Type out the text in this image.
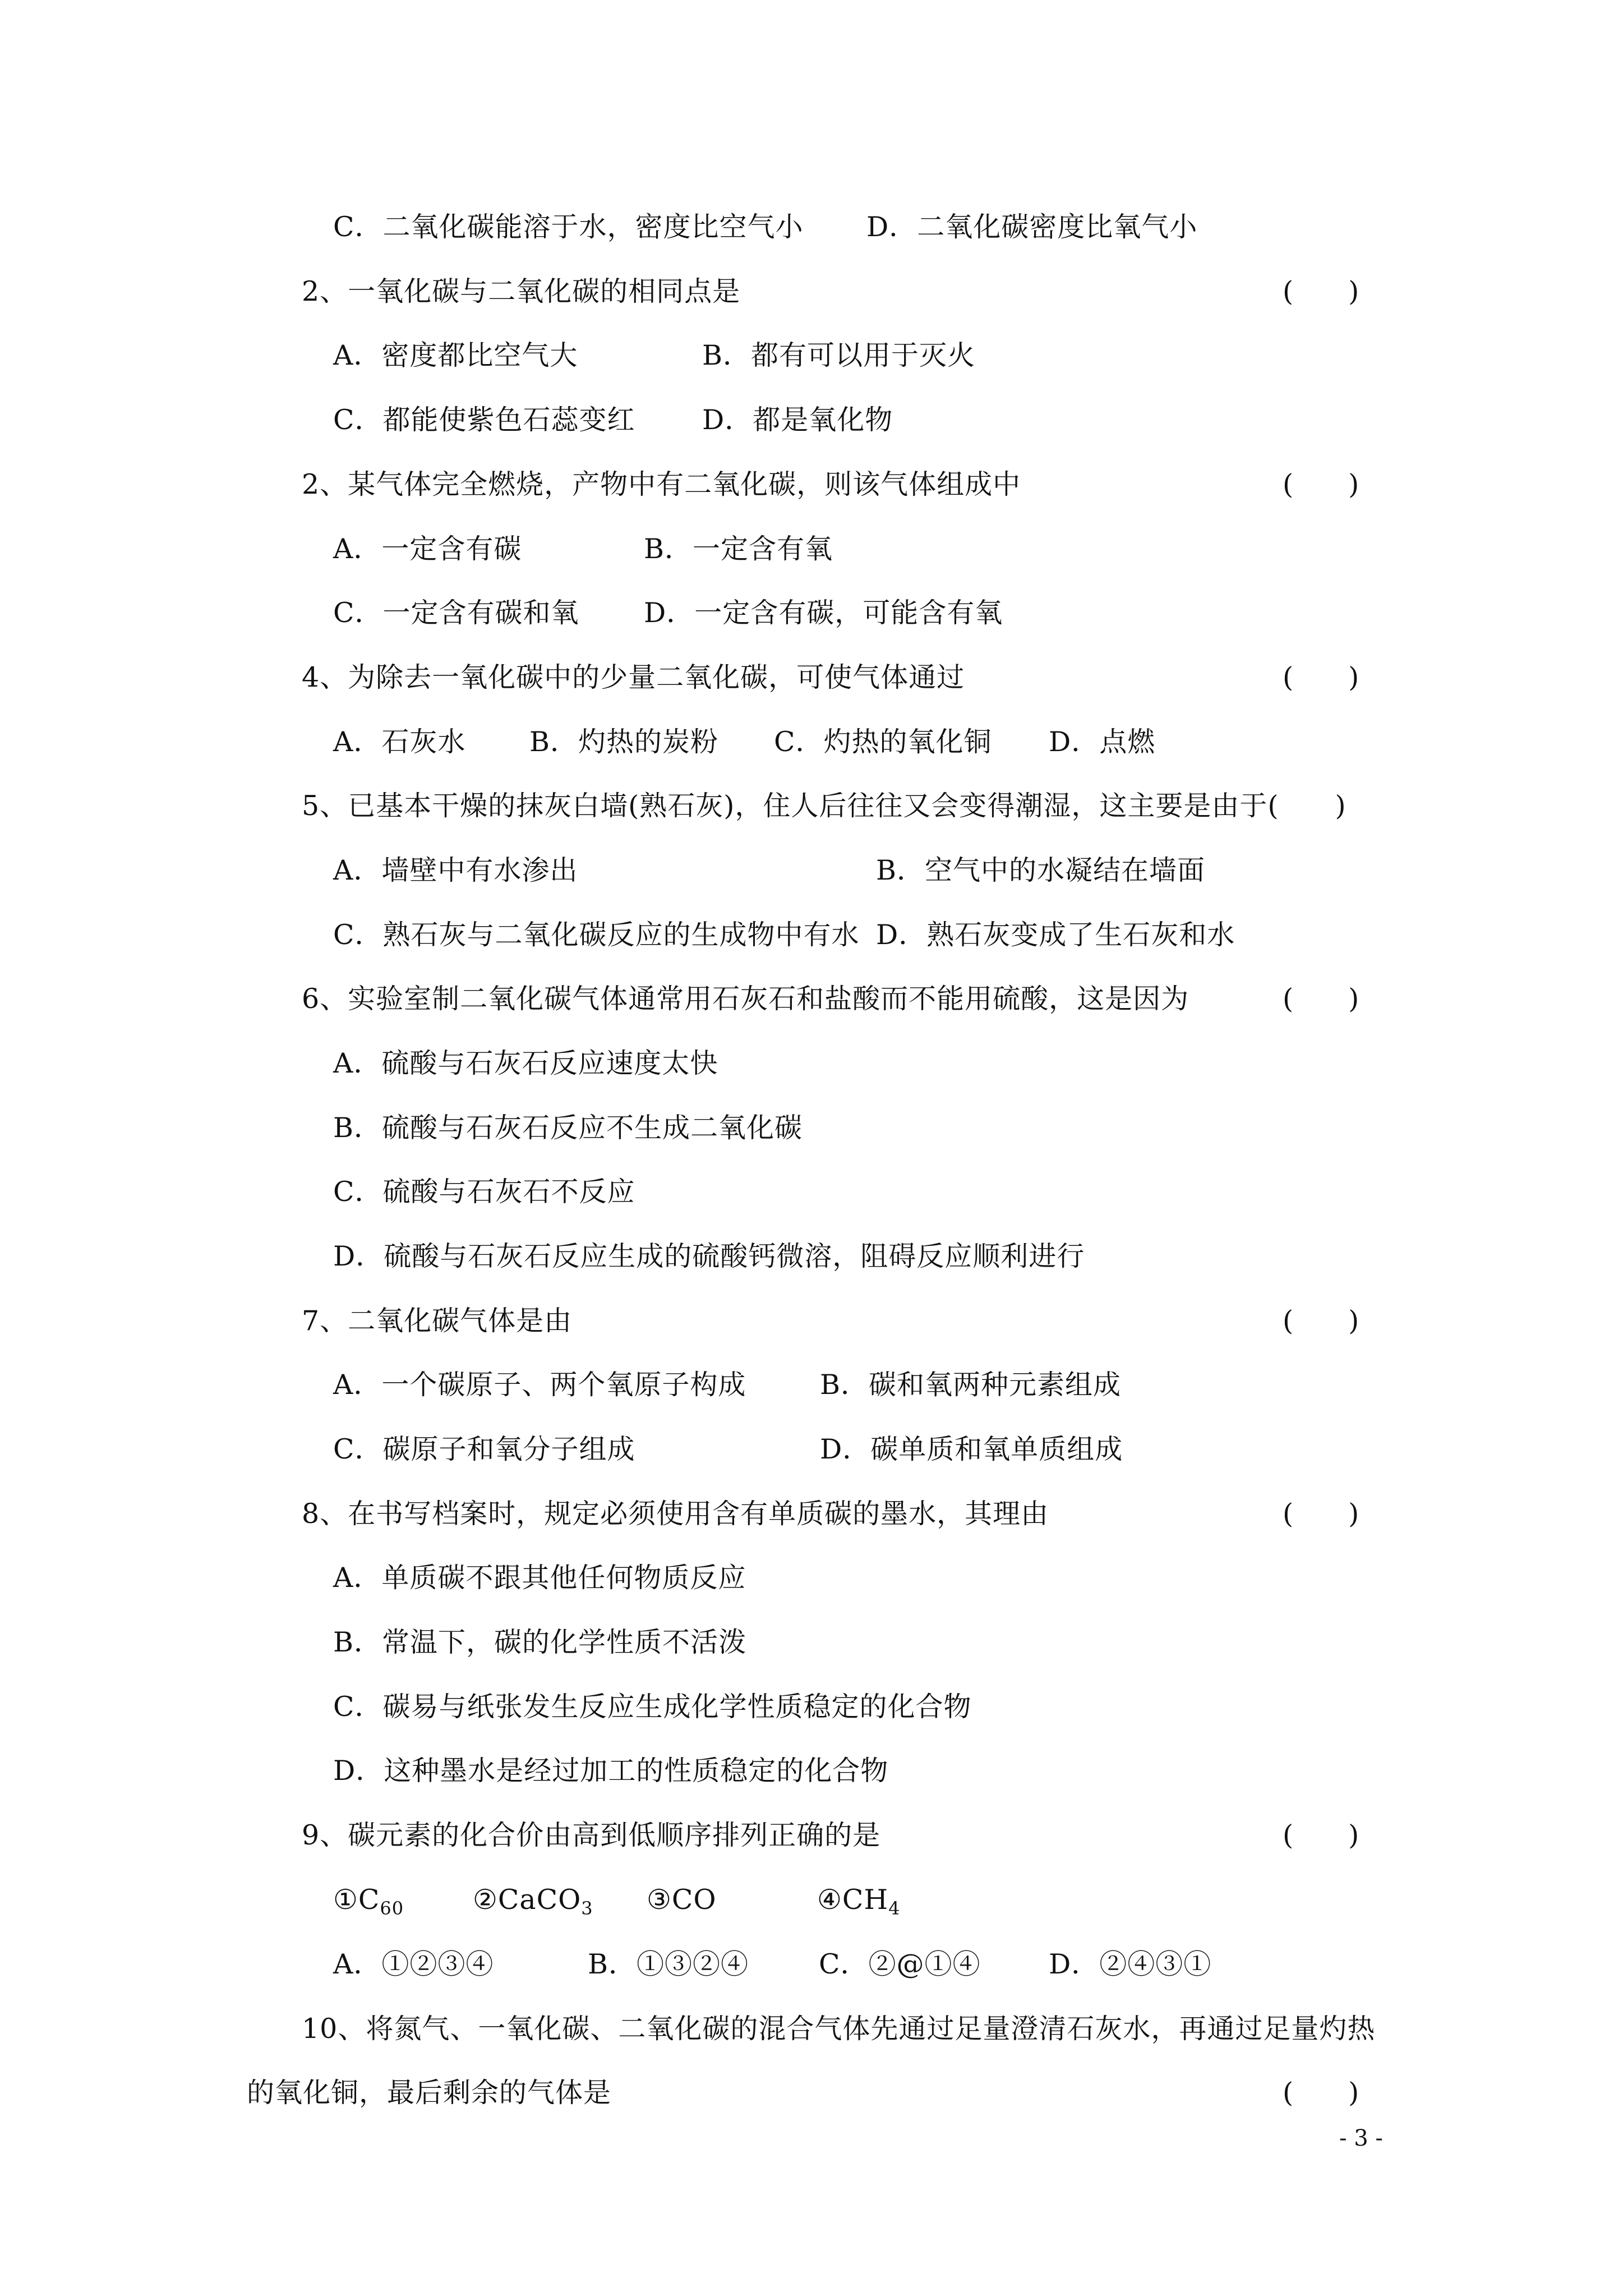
C．二氧化碳能溶于水，密度比空气小 D．二氧化碳密度比氧气小
2、一氧化碳与二氧化碳的相同点是	(　　)
A．密度都比空气大	B．都有可以用于灭火
C．都能使紫色石蕊变红 D．都是氧化物
2、某气体完全燃烧，产物中有二氧化碳，则该气体组成中	(　　)
A．一定含有碳	B．一定含有氧
C．一定含有碳和氧 D．一定含有碳，可能含有氧
4、为除去一氧化碳中的少量二氧化碳，可使气体通过	(　　)
A．石灰水 B．灼热的炭粉 C．灼热的氧化铜 D．点燃
5、已基本干燥的抹灰白墙(熟石灰)，住人后往往又会变得潮湿，这主要是由于(　　)
A．墙壁中有水渗出	B．空气中的水凝结在墙面
C．熟石灰与二氧化碳反应的生成物中有水 D．熟石灰变成了生石灰和水
6、实验室制二氧化碳气体通常用石灰石和盐酸而不能用硫酸，这是因为	(　　)
A．硫酸与石灰石反应速度太快
B．硫酸与石灰石反应不生成二氧化碳
C．硫酸与石灰石不反应
D．硫酸与石灰石反应生成的硫酸钙微溶，阻碍反应顺利进行
7、二氧化碳气体是由	(　　)
A．一个碳原子、两个氧原子构成	B．碳和氧两种元素组成
C．碳原子和氧分子组成	D．碳单质和氧单质组成
8、在书写档案时，规定必须使用含有单质碳的墨水，其理由	(　　)
A．单质碳不跟其他任何物质反应
B．常温下，碳的化学性质不活泼
C．碳易与纸张发生反应生成化学性质稳定的化合物
D．这种墨水是经过加工的性质稳定的化合物
9、碳元素的化合价由高到低顺序排列正确的是	(　　)
$①C_{60}$	②CaCO$_3$ ③CO	$④CH_4$
A．①②③④	B．①③②④	C．②@①④ D．②④③①
10、将氮气、一氧化碳、二氧化碳的混合气体先通过足量澄清石灰水，再通过足量灼热
的氧化铜，最后剩余的气体是	(　　)
- 3 -
